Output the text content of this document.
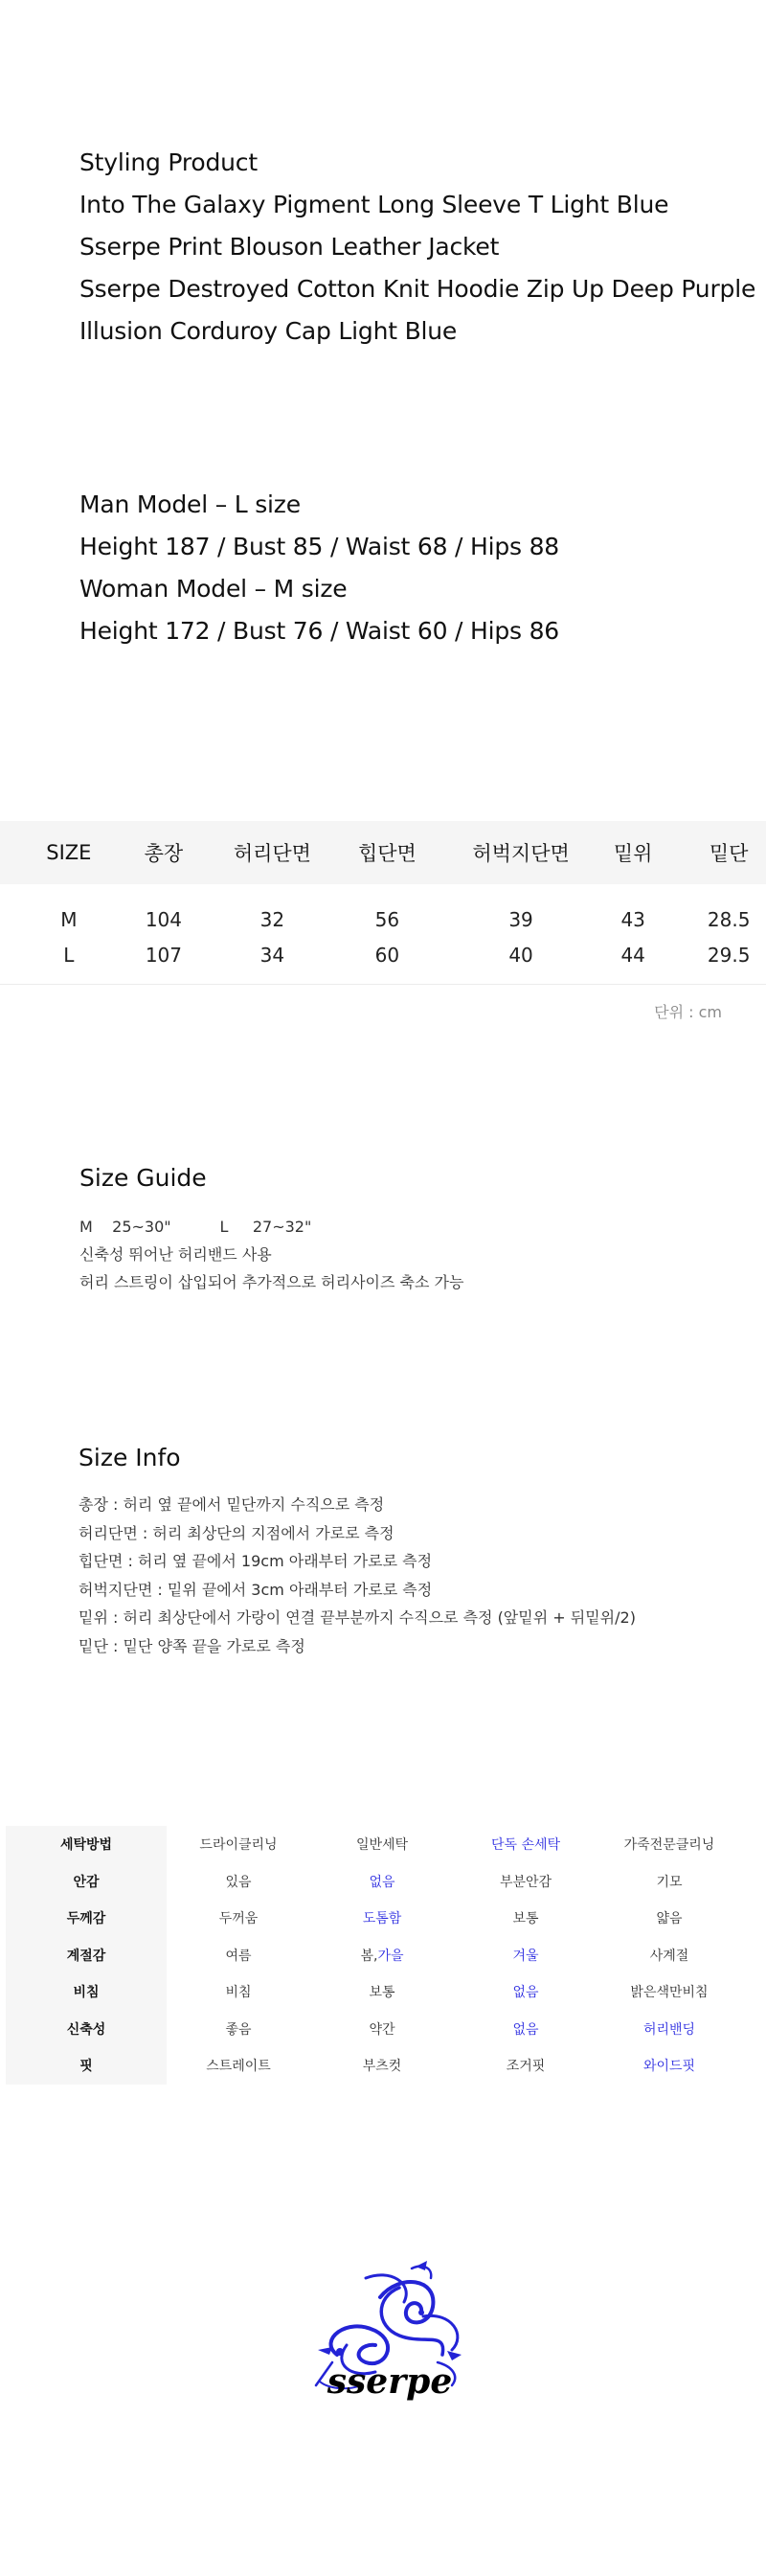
Styling Product
Into The Galaxy Pigment Long Sleeve T Light Blue
Sserpe Print Blouson Leather Jacket
Sserpe Destroyed Cotton Knit Hoodie Zip Up Deep Purple
Illusion Corduroy Cap Light Blue
Man Model – L size
Height 187 / Bust 85 / Waist 68 / Hips 88
Woman Model – M size
Height 172 / Bust 76 / Waist 60 / Hips 86
SIZE	총장	허리단면	힙단면	허벅지단면	밑위	밑단
M	104	32	56	39	43	28.5
L	107	34	60	40	44	29.5
단위 : cm
Size Guide
M    25~30"          L     27~32"
신축성 뛰어난 허리밴드 사용
허리 스트링이 삽입되어 추가적으로 허리사이즈 축소 가능
Size Info
총장 : 허리 옆 끝에서 밑단까지 수직으로 측정
허리단면 : 허리 최상단의 지점에서 가로로 측정
힙단면 : 허리 옆 끝에서 19cm 아래부터 가로로 측정
허벅지단면 : 밑위 끝에서 3cm 아래부터 가로로 측정
밑위 : 허리 최상단에서 가랑이 연결 끝부분까지 수직으로 측정 (앞밑위 + 뒤밑위/2)
밑단 : 밑단 양쪽 끝을 가로로 측정
세탁방법	드라이클리닝	일반세탁	단독 손세탁	가죽전문클리닝
안감	있음	없음	부분안감	기모
두께감	두꺼움	도톰함	보통	얇음
계절감	여름	봄,가을	겨울	사계절
비침	비침	보통	없음	밝은색만비침
신축성	좋음	약간	없음	허리밴딩
핏	스트레이트	부츠컷	조거핏	와이드핏
sserpe
